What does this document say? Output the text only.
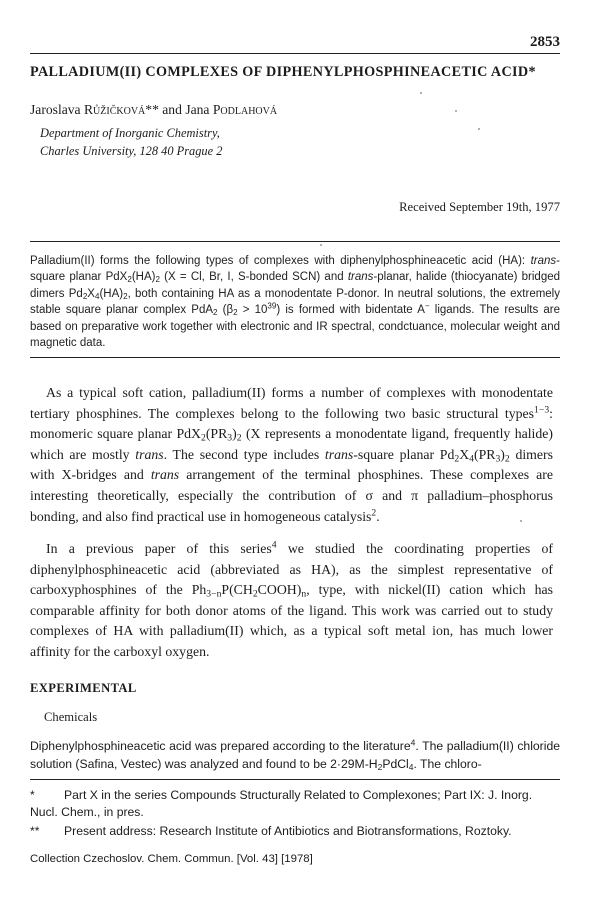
2853
PALLADIUM(II) COMPLEXES OF DIPHENYLPHOSPHINEACETIC ACID*
Jaroslava Růžičková** and Jana Podlahová
Department of Inorganic Chemistry,
Charles University, 128 40 Prague 2
Received September 19th, 1977
Palladium(II) forms the following types of complexes with diphenylphosphineacetic acid (HA): trans-square planar $PdX_2(HA)_2$ (X = Cl, Br, I, S-bonded SCN) and trans-planar, halide (thiocyanate) bridged dimers $Pd_2X_4(HA)_2$, both containing HA as a monodentate P-donor. In neutral solutions, the extremely stable square planar complex PdA$_2$ $(\beta_2 > 10^{39})$ is formed with bidentate A− ligands. The results are based on preparative work together with electronic and IR spectral, condctuance, molecular weight and magnetic data.
As a typical soft cation, palladium(II) forms a number of complexes with monodentate tertiary phosphines. The complexes belong to the following two basic structural types$^{1-3}$: monomeric square planar $PdX_2(PR_3)_2$ (X represents a monodentate ligand, frequently halide) which are mostly trans. The second type includes trans-square planar $Pd_2X_4(PR_3)_2$ dimers with X-bridges and trans arrangement of the terminal phosphines. These complexes are interesting theoretically, especially the contribution of σ and π palladium–phosphorus bonding, and also find practical use in homogeneous catalysis$^2$.
In a previous paper of this series$^4$ we studied the coordinating properties of diphenylphosphineacetic acid (abbreviated as HA), as the simplest representative of carboxyphosphines of the $Ph_{3-n}P(CH_2COOH)_n$, type, with nickel(II) cation which has comparable affinity for both donor atoms of the ligand. This work was carried out to study complexes of HA with palladium(II) which, as a typical soft metal ion, has much lower affinity for the carboxyl oxygen.
EXPERIMENTAL
Chemicals
Diphenylphosphineacetic acid was prepared according to the literature$^4$. The palladium(II) chloride solution (Safina, Vestec) was analyzed and found to be $2\cdot 29M-H_2PdCl_4$. The chloro-
* Part X in the series Compounds Structurally Related to Complexones; Part IX: J. Inorg. Nucl. Chem., in pres.
** Present address: Research Institute of Antibiotics and Biotransformations, Roztoky.
Collection Czechoslov. Chem. Commun. [Vol. 43] [1978]
